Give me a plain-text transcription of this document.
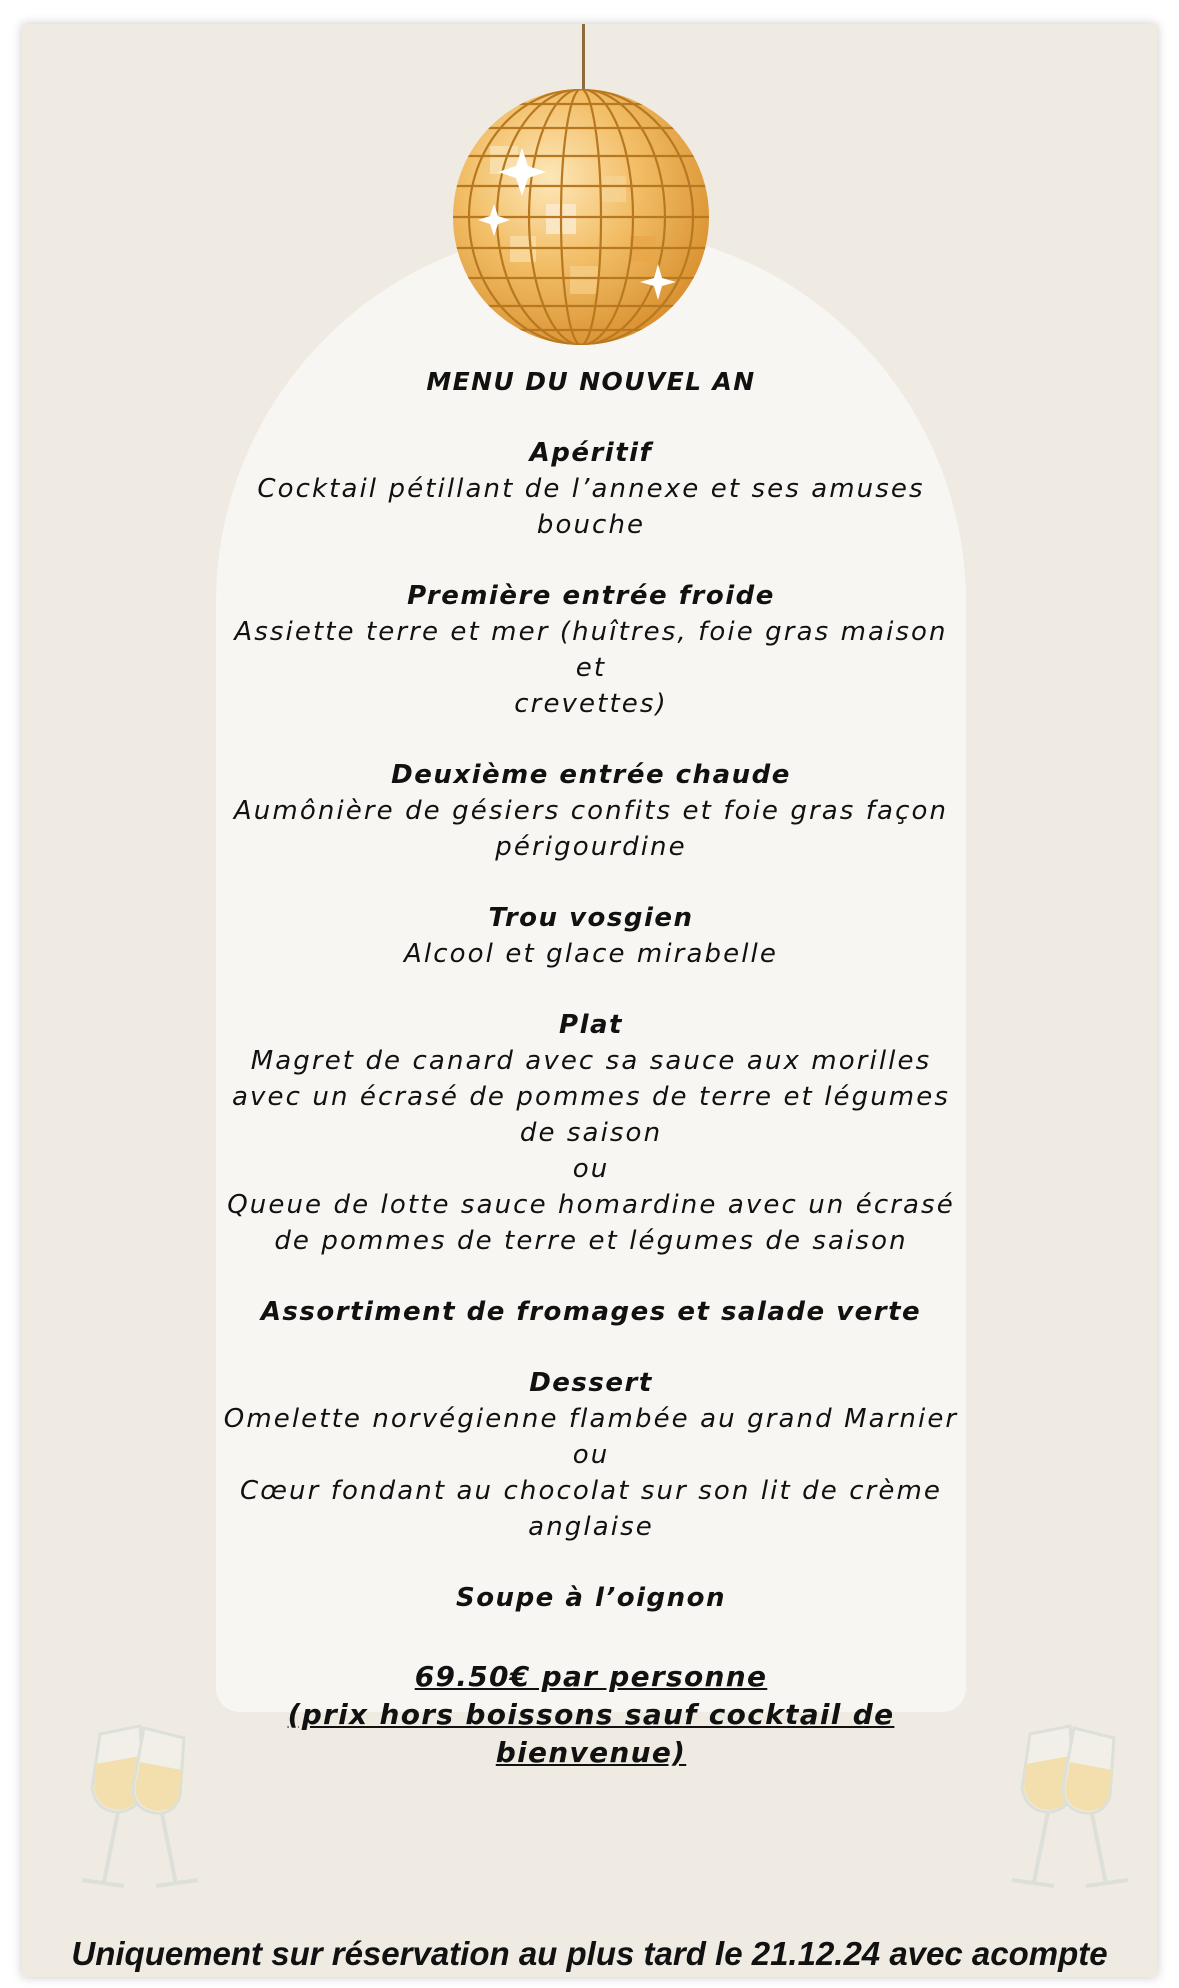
MENU DU NOUVEL AN
Apéritif
Cocktail pétillant de l’annexe et ses amuses
bouche
Première entrée froide
Assiette terre et mer (huîtres, foie gras maison et
crevettes)
Deuxième entrée chaude
Aumônière de gésiers confits et foie gras façon
périgourdine
Trou vosgien
Alcool et glace mirabelle
Plat
Magret de canard avec sa sauce aux morilles
avec un écrasé de pommes de terre et légumes
de saison
ou
Queue de lotte sauce homardine avec un écrasé
de pommes de terre et légumes de saison
Assortiment de fromages et salade verte
Dessert
Omelette norvégienne flambée au grand Marnier
ou
Cœur fondant au chocolat sur son lit de crème
anglaise
Soupe à l’oignon
69.50€ par personne
(prix hors boissons sauf cocktail de
bienvenue)
Uniquement sur réservation au plus tard le 21.12.24 avec acompte
